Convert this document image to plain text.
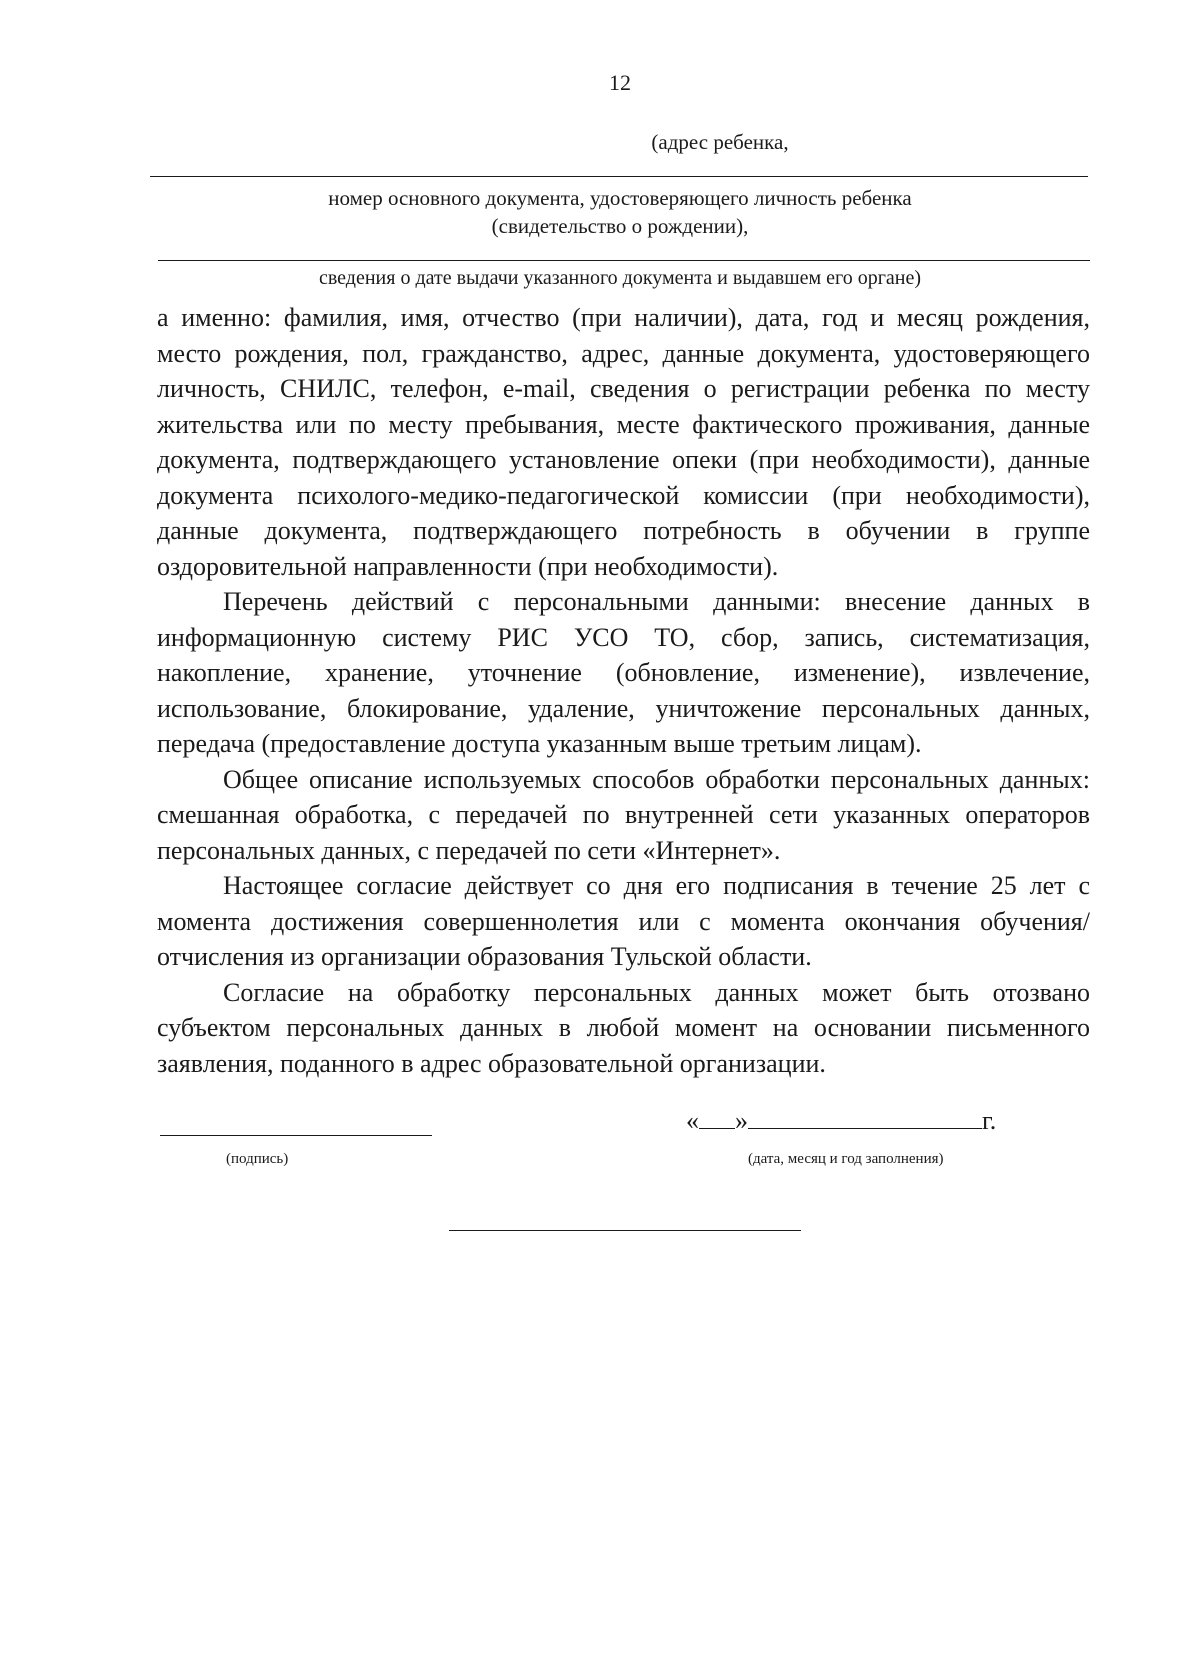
12
(адрес ребенка,
номер основного документа, удостоверяющего личность ребенка
(свидетельство о рождении),
сведения о дате выдачи указанного документа и выдавшем его органе)

а именно: фамилия, имя, отчество (при наличии), дата, год и месяц рождения, место рождения, пол, гражданство, адрес, данные документа, удостоверяющего личность, СНИЛС, телефон, e-mail, сведения о регистрации ребенка по месту жительства или по месту пребывания, месте фактического проживания, данные документа, подтверждающего установление опеки (при необходимости), данные документа психолого-медико-педагогической комиссии (при необходимости), данные документа, подтверждающего потребность в обучении в группе оздоровительной направленности (при необходимости).

Перечень действий с персональными данными: внесение данных в информационную систему РИС УСО ТО, сбор, запись, систематизация, накопление, хранение, уточнение (обновление, изменение), извлечение, использование, блокирование, удаление, уничтожение персональных данных, передача (предоставление доступа указанным выше третьим лицам).

Общее описание используемых способов обработки персональных данных: смешанная обработка, с передачей по внутренней сети указанных операторов персональных данных, с передачей по сети «Интернет».

Настоящее согласие действует со дня его подписания в течение 25 лет с момента достижения совершеннолетия или с момента окончания обучения/отчисления из организации образования Тульской области.

Согласие на обработку персональных данных может быть отозвано субъектом персональных данных в любой момент на основании письменного заявления, поданного в адрес образовательной организации.

(подпись)
« »	г.
(дата, месяц и год заполнения)
